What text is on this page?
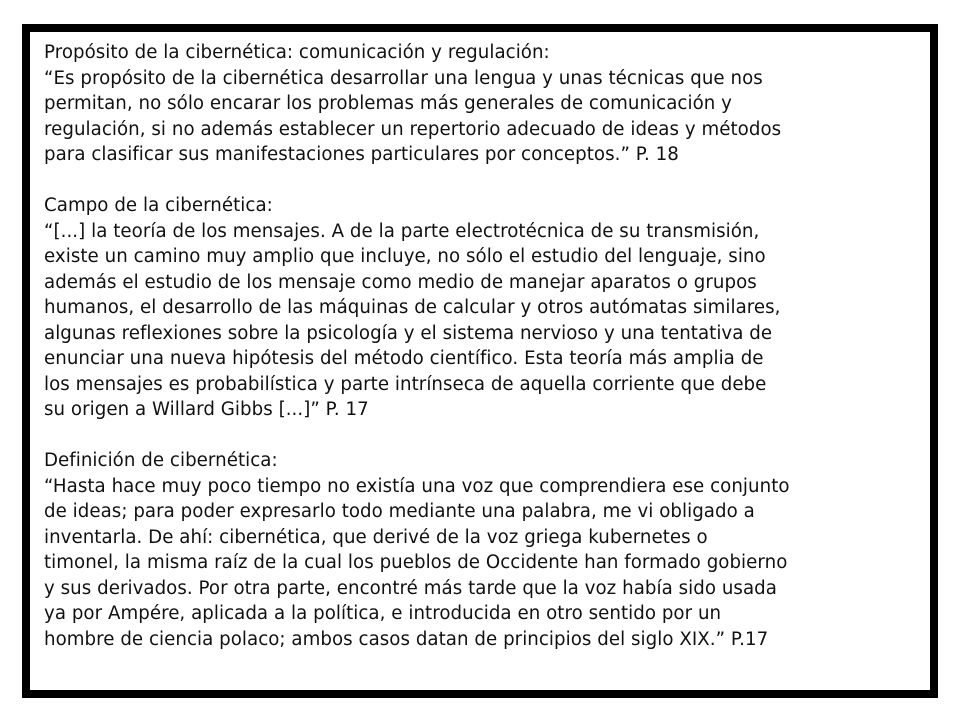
Propósito de la cibernética: comunicación y regulación:
“Es propósito de la cibernética desarrollar una lengua y unas técnicas que nos
permitan, no sólo encarar los problemas más generales de comunicación y
regulación, si no además establecer un repertorio adecuado de ideas y métodos
para clasificar sus manifestaciones particulares por conceptos.” P. 18
Campo de la cibernética:
“[...] la teoría de los mensajes. A de la parte electrotécnica de su transmisión,
existe un camino muy amplio que incluye, no sólo el estudio del lenguaje, sino
además el estudio de los mensaje como medio de manejar aparatos o grupos
humanos, el desarrollo de las máquinas de calcular y otros autómatas similares,
algunas reflexiones sobre la psicología y el sistema nervioso y una tentativa de
enunciar una nueva hipótesis del método científico. Esta teoría más amplia de
los mensajes es probabilística y parte intrínseca de aquella corriente que debe
su origen a Willard Gibbs [...]” P. 17
Definición de cibernética:
“Hasta hace muy poco tiempo no existía una voz que comprendiera ese conjunto
de ideas; para poder expresarlo todo mediante una palabra, me vi obligado a
inventarla. De ahí: cibernética, que derivé de la voz griega kubernetes o
timonel, la misma raíz de la cual los pueblos de Occidente han formado gobierno
y sus derivados. Por otra parte, encontré más tarde que la voz había sido usada
ya por Ampére, aplicada a la política, e introducida en otro sentido por un
hombre de ciencia polaco; ambos casos datan de principios del siglo XIX.” P.17
